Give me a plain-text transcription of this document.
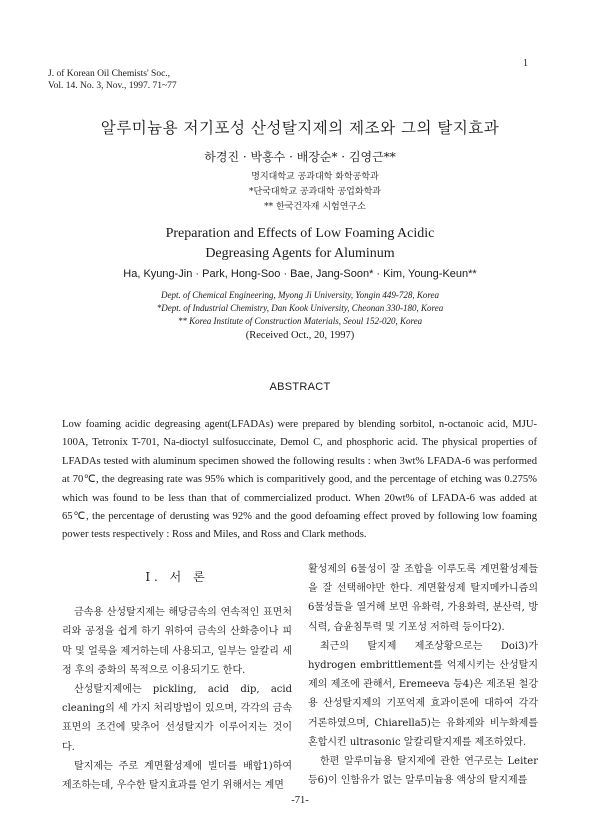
J. of Korean Oil Chemists' Soc.,
Vol. 14. No. 3, Nov., 1997. 71~77
1
알루미늄용 저기포성 산성탈지제의 제조와 그의 탈지효과
하경진 · 박홍수 · 배장순* · 김영근**
명지대학교 공과대학 화학공학과
*단국대학교 공과대학 공업화학과
** 한국건자재 시험연구소
Preparation and Effects of Low Foaming Acidic
Degreasing Agents for Aluminum
Ha, Kyung-Jin · Park, Hong-Soo · Bae, Jang-Soon* · Kim, Young-Keun**
Dept. of Chemical Engineering, Myong Ji University, Yongin 449-728, Korea
*Dept. of Industrial Chemistry, Dan Kook University, Cheonan 330-180, Korea
** Korea Institute of Construction Materials, Seoul 152-020, Korea
(Received Oct., 20, 1997)
ABSTRACT

Low foaming acidic degreasing agent(LFADAs) were prepared by blending sorbitol, n-octanoic acid, MJU-100A, Tetronix T-701, Na-dioctyl sulfosuccinate, Demol C, and phosphoric acid. The physical properties of LFADAs tested with aluminum specimen showed the following results : when 3wt% LFADA-6 was performed at 70℃, the degreasing rate was 95% which is comparitively good, and the percentage of etching was 0.275% which was found to be less than that of commercialized product. When 20wt% of LFADA-6 was added at 65℃, the percentage of derusting was 92% and the good defoaming effect proved by following low foaming power tests respectively : Ross and Miles, and Ross and Clark methods.

I. 서 론

금속용 산성탈지제는 해당금속의 연속적인 표면처리와 공정을 쉽게 하기 위하여 금속의 산화층이나 피막 및 얼룩을 제거하는데 사용되고, 일부는 알칼리 세정 후의 중화의 목적으로 이용되기도 한다.

산성탈지제에는 pickling, acid dip, acid cleaning의 세 가지 처리방법이 있으며, 각각의 금속표면의 조건에 맞추어 선성탈지가 이루어지는 것이다.

탈지제는 주로 계면활성제에 빌더를 배합1)하여 제조하는데, 우수한 탈지효과를 얻기 위해서는 계면

활성제의 6물성이 잘 조합을 이루도록 계면활성제들을 잘 선택해야만 한다. 계면활성제 탈지메카니즘의 6물성들을 열거해 보면 유화력, 가용화력, 분산력, 방식력, 습윤침투력 및 기포성 저하력 등이다2).

최근의 탈지제 제조상황으로는 Doi3)가 hydrogen embrittlement를 억제시키는 산성탈지제의 제조에 관해서, Eremeeva 등4)은 제조된 철강용 산성탈지제의 기포억제 효과이론에 대하여 각각 거론하였으며, Chiarella5)는 유화제와 비누화제를 혼합시킨 ultrasonic 알칼리탈지제를 제조하였다.

한편 알루미늄용 탈지제에 관한 연구로는 Leiter 등6)이 인함유가 없는 알루미늄용 액상의 탈지제를

-71-
